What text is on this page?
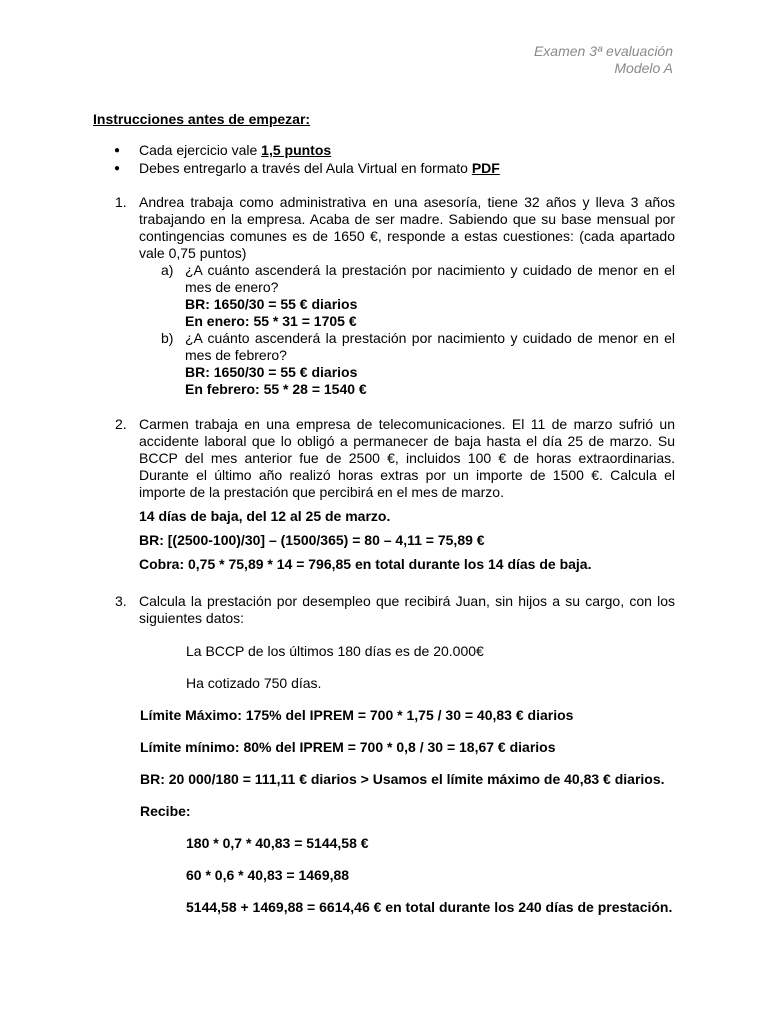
Examen 3ª evaluación
Modelo A
Instrucciones antes de empezar:
● Cada ejercicio vale 1,5 puntos
● Debes entregarlo a través del Aula Virtual en formato PDF
1. Andrea trabaja como administrativa en una asesoría, tiene 32 años y lleva 3 años trabajando en la empresa. Acaba de ser madre. Sabiendo que su base mensual por contingencias comunes es de 1650 €, responde a estas cuestiones: (cada apartado vale 0,75 puntos)
a) ¿A cuánto ascenderá la prestación por nacimiento y cuidado de menor en el mes de enero?
BR: 1650/30 = 55 € diarios
En enero: 55 * 31 = 1705 €
b) ¿A cuánto ascenderá la prestación por nacimiento y cuidado de menor en el mes de febrero?
BR: 1650/30 = 55 € diarios
En febrero: 55 * 28 = 1540 €
2. Carmen trabaja en una empresa de telecomunicaciones. El 11 de marzo sufrió un accidente laboral que lo obligó a permanecer de baja hasta el día 25 de marzo. Su BCCP del mes anterior fue de 2500 €, incluidos 100 € de horas extraordinarias. Durante el último año realizó horas extras por un importe de 1500 €. Calcula el importe de la prestación que percibirá en el mes de marzo.
14 días de baja, del 12 al 25 de marzo.
BR: [(2500-100)/30] – (1500/365) = 80 – 4,11 = 75,89 €
Cobra: 0,75 * 75,89 * 14 = 796,85 en total durante los 14 días de baja.
3. Calcula la prestación por desempleo que recibirá Juan, sin hijos a su cargo, con los siguientes datos:
La BCCP de los últimos 180 días es de 20.000€
Ha cotizado 750 días.
Límite Máximo: 175% del IPREM = 700 * 1,75 / 30 = 40,83 € diarios
Límite mínimo: 80% del IPREM = 700 * 0,8 / 30 = 18,67 € diarios
BR: 20 000/180 = 111,11 € diarios > Usamos el límite máximo de 40,83 € diarios.
Recibe:
180 * 0,7 * 40,83 = 5144,58 €
60 * 0,6 * 40,83 = 1469,88
5144,58 + 1469,88 = 6614,46 € en total durante los 240 días de prestación.
